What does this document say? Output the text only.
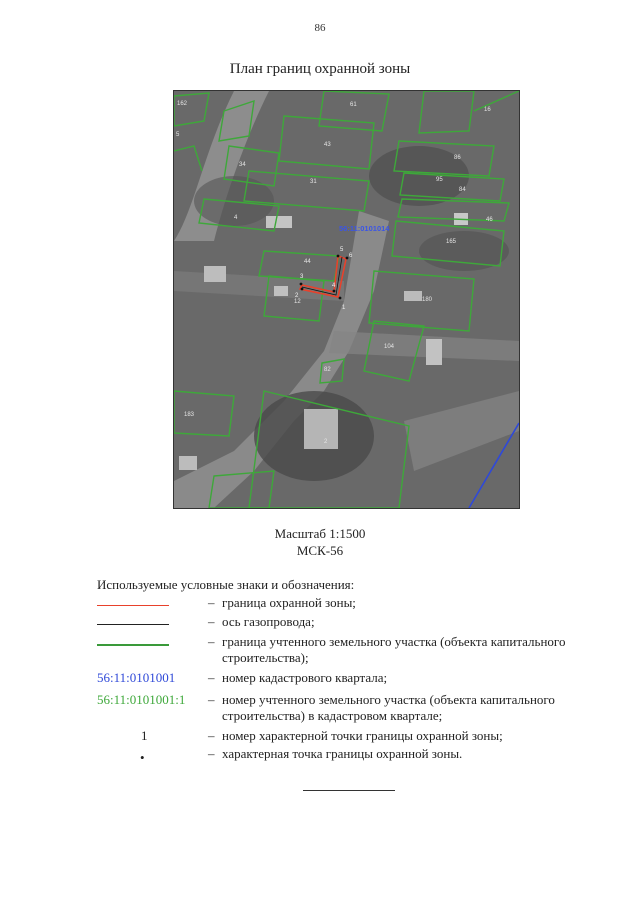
86
План границ охранной зоны
162
5
61
16
43
86
34
31	95
84
4	46
165
44
12	180
104
82
183
2
1
2
3
4
5
6
56:11:0101014
Масштаб 1:1500
МСК-56
Используемые условные знаки и обозначения:
– граница охранной зоны;
– ось газопровода;
– граница учтенного земельного участка (объекта капитального строительства);
56:11:0101001	– номер кадастрового квартала;
56:11:0101001:1	– номер учтенного земельного участка (объекта капитального строительства) в кадастровом квартале;
1	– номер характерной точки границы охранной зоны;
•	– характерная точка границы охранной зоны.
